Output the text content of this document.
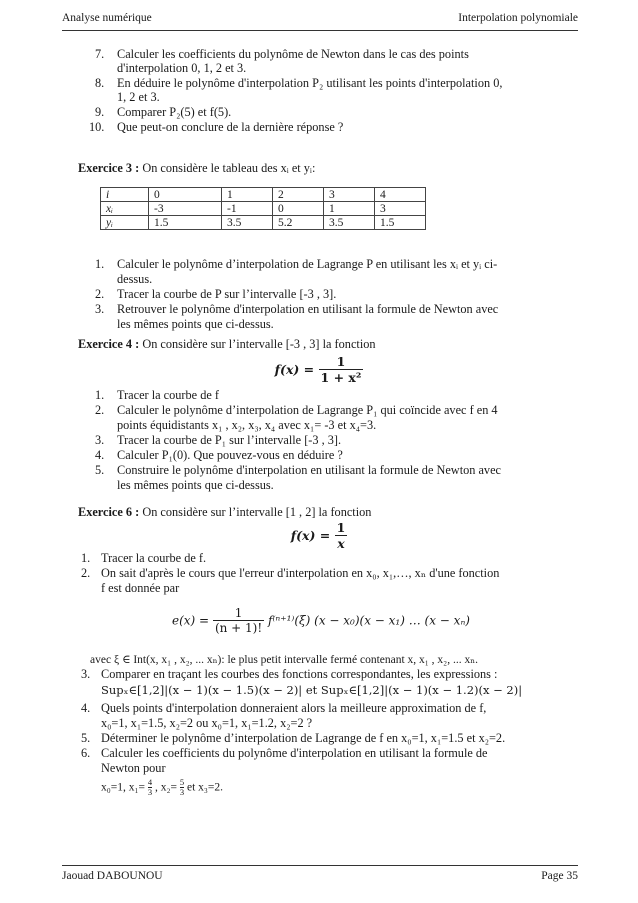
Analyse numérique	Interpolation polynomiale
7. Calculer les coefficients du polynôme de Newton dans le cas des points
d'interpolation 0, 1, 2 et 3.
8. En déduire le polynôme d'interpolation P₂ utilisant les points d'interpolation 0,
1, 2 et 3.
9. Comparer P₂(5) et f(5).
10. Que peut-on conclure de la dernière réponse ?
Exercice 3 : On considère le tableau des xᵢ et yᵢ:
i	0	1	2	3	4
xᵢ	-3	-1	0	1	3
yᵢ	1.5	3.5	5.2	3.5	1.5
1. Calculer le polynôme d’interpolation de Lagrange P en utilisant les xᵢ et yᵢ ci-
dessus.
2. Tracer la courbe de P sur l’intervalle [-3 , 3].
3. Retrouver le polynôme d'interpolation en utilisant la formule de Newton avec
les mêmes points que ci-dessus.
Exercice 4 : On considère sur l’intervalle [-3 , 3] la fonction
$f(x) = \frac{1}{\text{1 + x²}}$
1. Tracer la courbe de f
2. Calculer le polynôme d’interpolation de Lagrange P₁ qui coïncide avec f en 4
points équidistants x₁ , x₂, x₃, x₄ avec x₁= -3 et x₄=3.
3. Tracer la courbe de P₁ sur l’intervalle [-3 , 3].
4. Calculer P₁(0). Que pouvez-vous en déduire ?
5. Construire le polynôme d'interpolation en utilisant la formule de Newton avec
les mêmes points que ci-dessus.
Exercice 6 : On considère sur l’intervalle [1 , 2] la fonction
$f(x) = \frac{1}{x}$
1. Tracer la courbe de f.
2. On sait d'après le cours que l'erreur d'interpolation en x₀, x₁,…, xₙ d'une fonction
f est donnée par
$e(x) = \frac{1}{(n + 1)!} f^{(n+1)}(\xi) (x - x_0)(x - x_1)$ … (x − xₙ)
avec ξ ∈ Int(x, x₁ , x₂, ... xₙ): le plus petit intervalle fermé contenant x, x₁ , x₂, ... xₙ.
3. Comparer en traçant les courbes des fonctions correspondantes, les expressions :
Supₓ∈[1,2]|(x − 1)(x − 1.5)(x − 2)| et Supₓ∈[1,2]|(x − 1)(x − 1.2)(x − 2)|
4. Quels points d'interpolation donneraient alors la meilleure approximation de f,
x₀=1, x₁=1.5, x₂=2 ou x₀=1, x₁=1.2, x₂=2 ?
5. Déterminer le polynôme d’interpolation de Lagrange de f en x₀=1, x₁=1.5 et x₂=2.
6. Calculer les coefficients du polynôme d'interpolation en utilisant la formule de
Newton pour
x₀=1, $x_1= \frac{4}{3}$ , $x_2= \frac{5}{3}$ et x₃=2.
Jaouad DABOUNOU	Page 35
